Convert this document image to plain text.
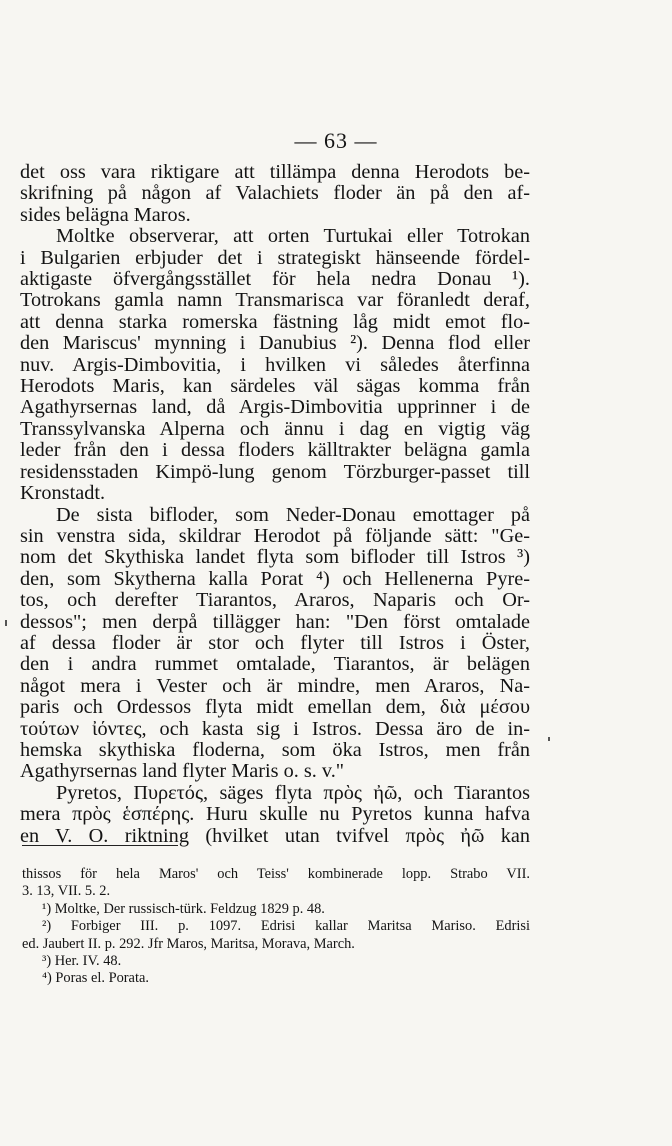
— 63 —
det oss vara riktigare att tillämpa denna Herodots be-
skrifning på någon af Valachiets floder än på den af-
sides belägna Maros.
Moltke observerar, att orten Turtukai eller Totrokan
i Bulgarien erbjuder det i strategiskt hänseende fördel-
aktigaste öfvergångsstället för hela nedra Donau ¹).
Totrokans gamla namn Transmarisca var föranledt deraf,
att denna starka romerska fästning låg midt emot flo-
den Mariscus' mynning i Danubius ²). Denna flod eller
nuv. Argis-Dimbovitia, i hvilken vi således återfinna
Herodots Maris, kan särdeles väl sägas komma från
Agathyrsernas land, då Argis-Dimbovitia upprinner i de
Transsylvanska Alperna och ännu i dag en vigtig väg
leder från den i dessa floders källtrakter belägna gamla
residensstaden Kimpö-lung genom Törzburger-passet till
Kronstadt.
De sista bifloder, som Neder-Donau emottager på
sin venstra sida, skildrar Herodot på följande sätt: "Ge-
nom det Skythiska landet flyta som bifloder till Istros ³)
den, som Skytherna kalla Porat ⁴) och Hellenerna Pyre-
tos, och derefter Tiarantos, Araros, Naparis och Or-
dessos"; men derpå tillägger han: "Den först omtalade
af dessa floder är stor och flyter till Istros i Öster,
den i andra rummet omtalade, Tiarantos, är belägen
något mera i Vester och är mindre, men Araros, Na-
paris och Ordessos flyta midt emellan dem, διὰ μέσου
τούτων ἰόντες, och kasta sig i Istros. Dessa äro de in-
hemska skythiska floderna, som öka Istros, men från
Agathyrsernas land flyter Maris o. s. v."
Pyretos, Πυρετός, säges flyta πρὸς ἠῶ, och Tiarantos
mera πρὸς ἑσπέρης. Huru skulle nu Pyretos kunna hafva
en V. O. riktning (hvilket utan tvifvel πρὸς ἠῶ kan
thissos för hela Maros' och Teiss' kombinerade lopp. Strabo VII.
3. 13, VII. 5. 2.
¹) Moltke, Der russisch-türk. Feldzug 1829 p. 48.
²) Forbiger III. p. 1097. Edrisi kallar Maritsa Mariso. Edrisi
ed. Jaubert II. p. 292. Jfr Maros, Maritsa, Morava, March.
³) Her. IV. 48.
⁴) Poras el. Porata.
